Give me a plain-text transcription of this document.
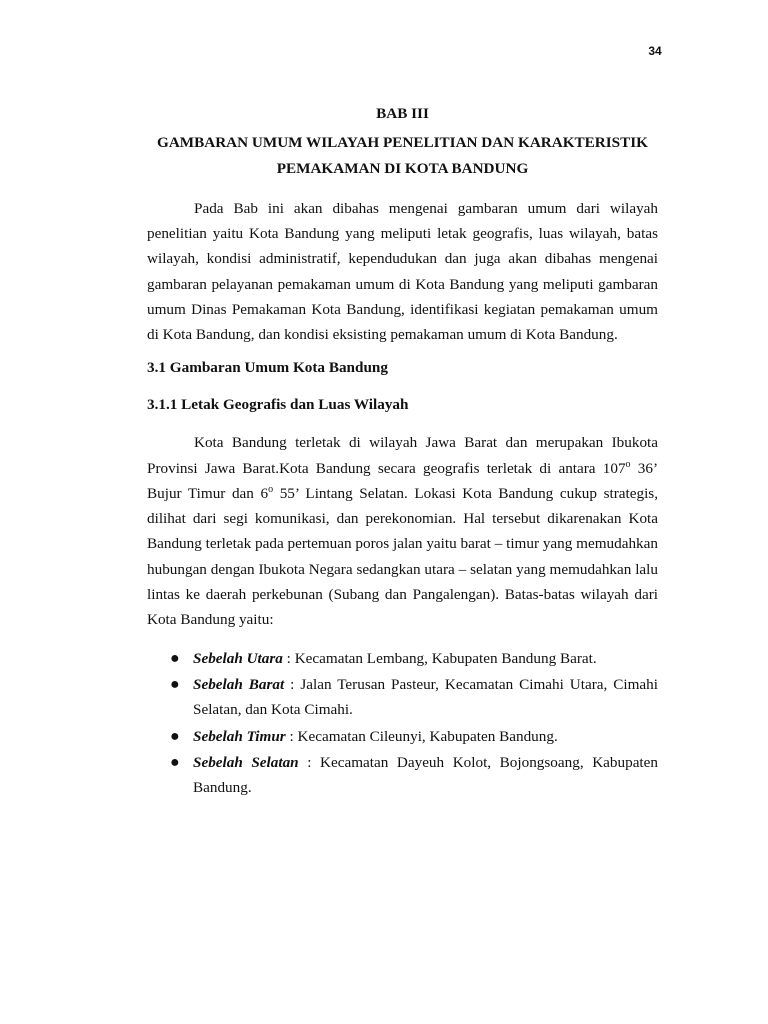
34

BAB III

GAMBARAN UMUM WILAYAH PENELITIAN DAN KARAKTERISTIK
PEMAKAMAN DI KOTA BANDUNG

Pada Bab ini akan dibahas mengenai gambaran umum dari wilayah penelitian yaitu Kota Bandung yang meliputi letak geografis, luas wilayah, batas wilayah, kondisi administratif, kependudukan dan juga akan dibahas mengenai gambaran pelayanan pemakaman umum di Kota Bandung yang meliputi gambaran umum Dinas Pemakaman Kota Bandung, identifikasi kegiatan pemakaman umum di Kota Bandung, dan kondisi eksisting pemakaman umum di Kota Bandung.

3.1 Gambaran Umum Kota Bandung

3.1.1 Letak Geografis dan Luas Wilayah

Kota Bandung terletak di wilayah Jawa Barat dan merupakan Ibukota Provinsi Jawa Barat.Kota Bandung secara geografis terletak di antara 107$^o$ 36’ Bujur Timur dan 6$^o$ 55’ Lintang Selatan. Lokasi Kota Bandung cukup strategis, dilihat dari segi komunikasi, dan perekonomian. Hal tersebut dikarenakan Kota Bandung terletak pada pertemuan poros jalan yaitu barat – timur yang memudahkan hubungan dengan Ibukota Negara sedangkan utara – selatan yang memudahkan lalu lintas ke daerah perkebunan (Subang dan Pangalengan). Batas-batas wilayah dari Kota Bandung yaitu:

● Sebelah Utara : Kecamatan Lembang, Kabupaten Bandung Barat.
● Sebelah Barat : Jalan Terusan Pasteur, Kecamatan Cimahi Utara, Cimahi Selatan, dan Kota Cimahi.
● Sebelah Timur : Kecamatan Cileunyi, Kabupaten Bandung.
● Sebelah Selatan : Kecamatan Dayeuh Kolot, Bojongsoang, Kabupaten Bandung.
